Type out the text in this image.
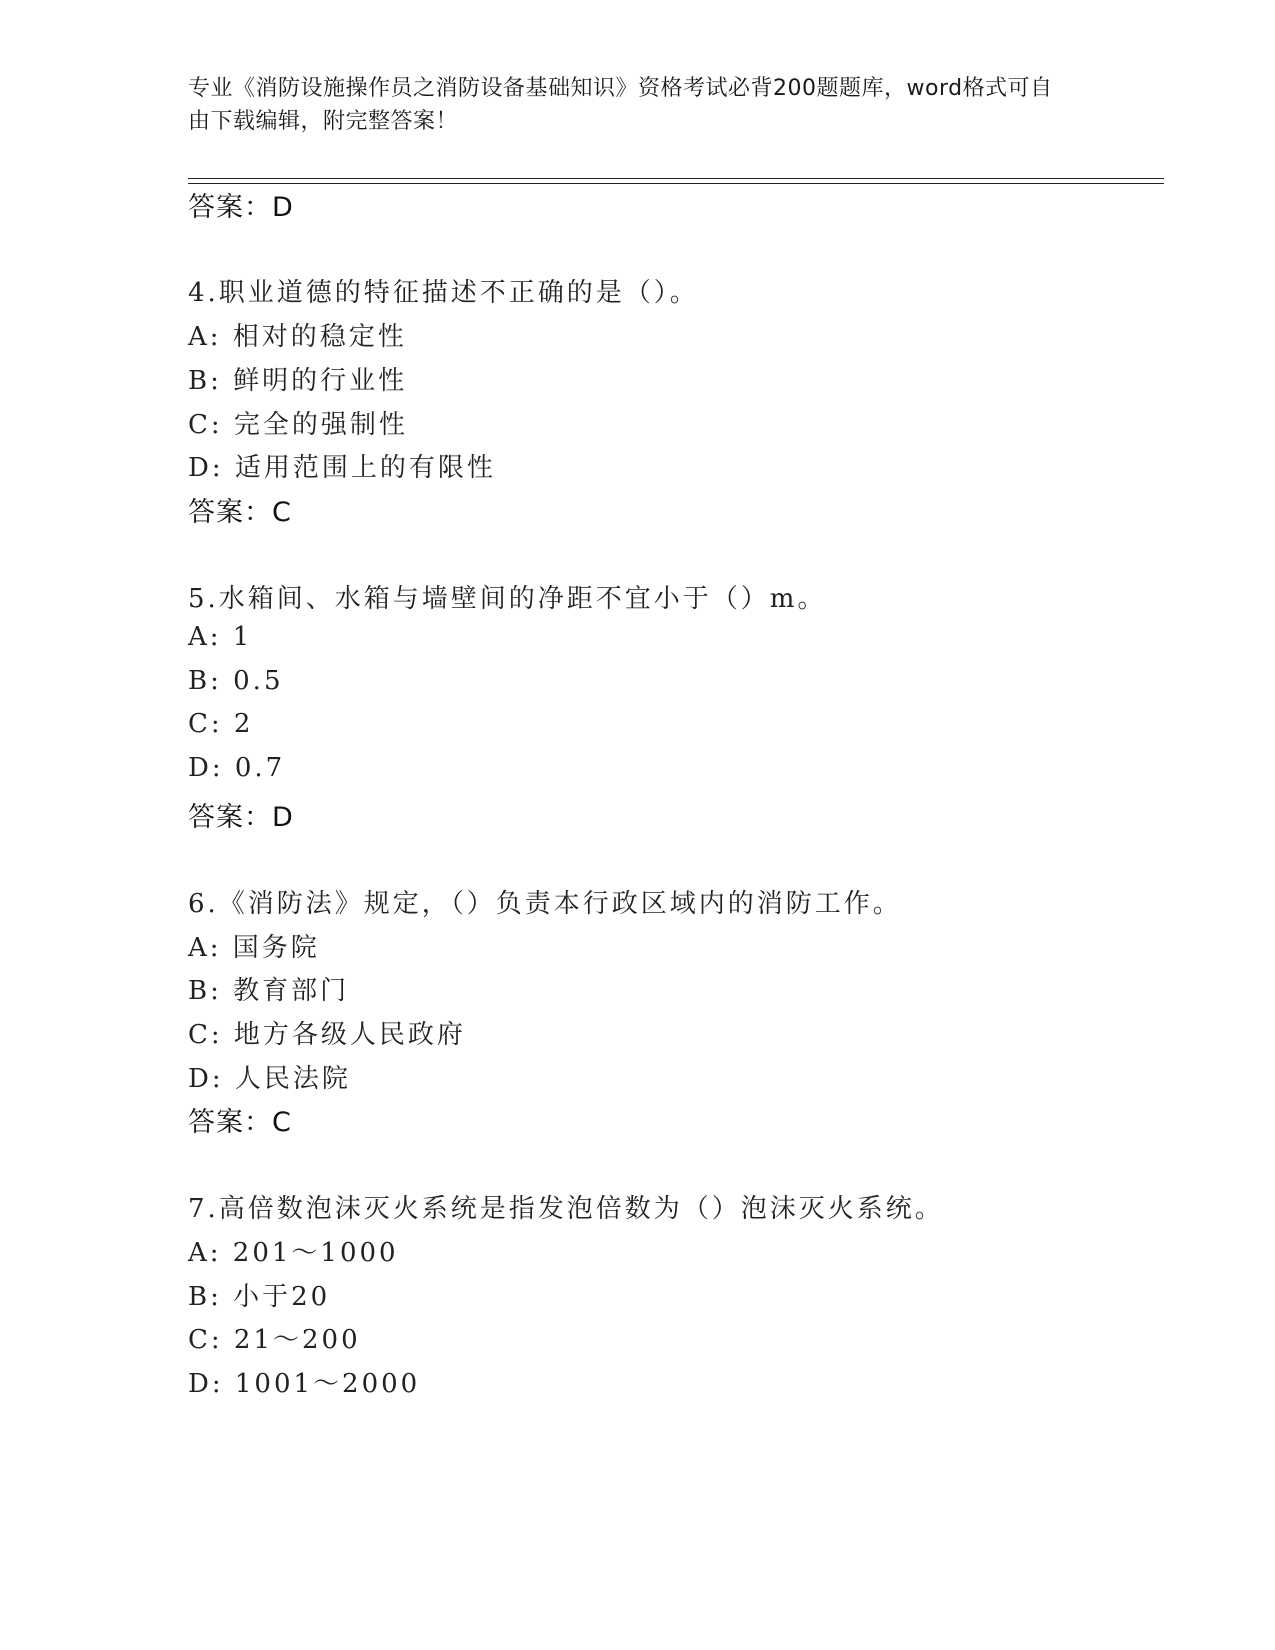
专业《消防设施操作员之消防设备基础知识》资格考试必背200题题库，word格式可自由下载编辑，附完整答案！
答案：D
4.职业道德的特征描述不正确的是（）。
A: 相对的稳定性
B: 鲜明的行业性
C: 完全的强制性
D: 适用范围上的有限性
答案：C
5.水箱间、水箱与墙壁间的净距不宜小于（）m。
A: 1
B: 0.5
C: 2
D: 0.7
答案：D
6.《消防法》规定，（）负责本行政区域内的消防工作。
A: 国务院
B: 教育部门
C: 地方各级人民政府
D: 人民法院
答案：C
7.高倍数泡沫灭火系统是指发泡倍数为（）泡沫灭火系统。
A: 201～1000
B: 小于20
C: 21～200
D: 1001～2000
